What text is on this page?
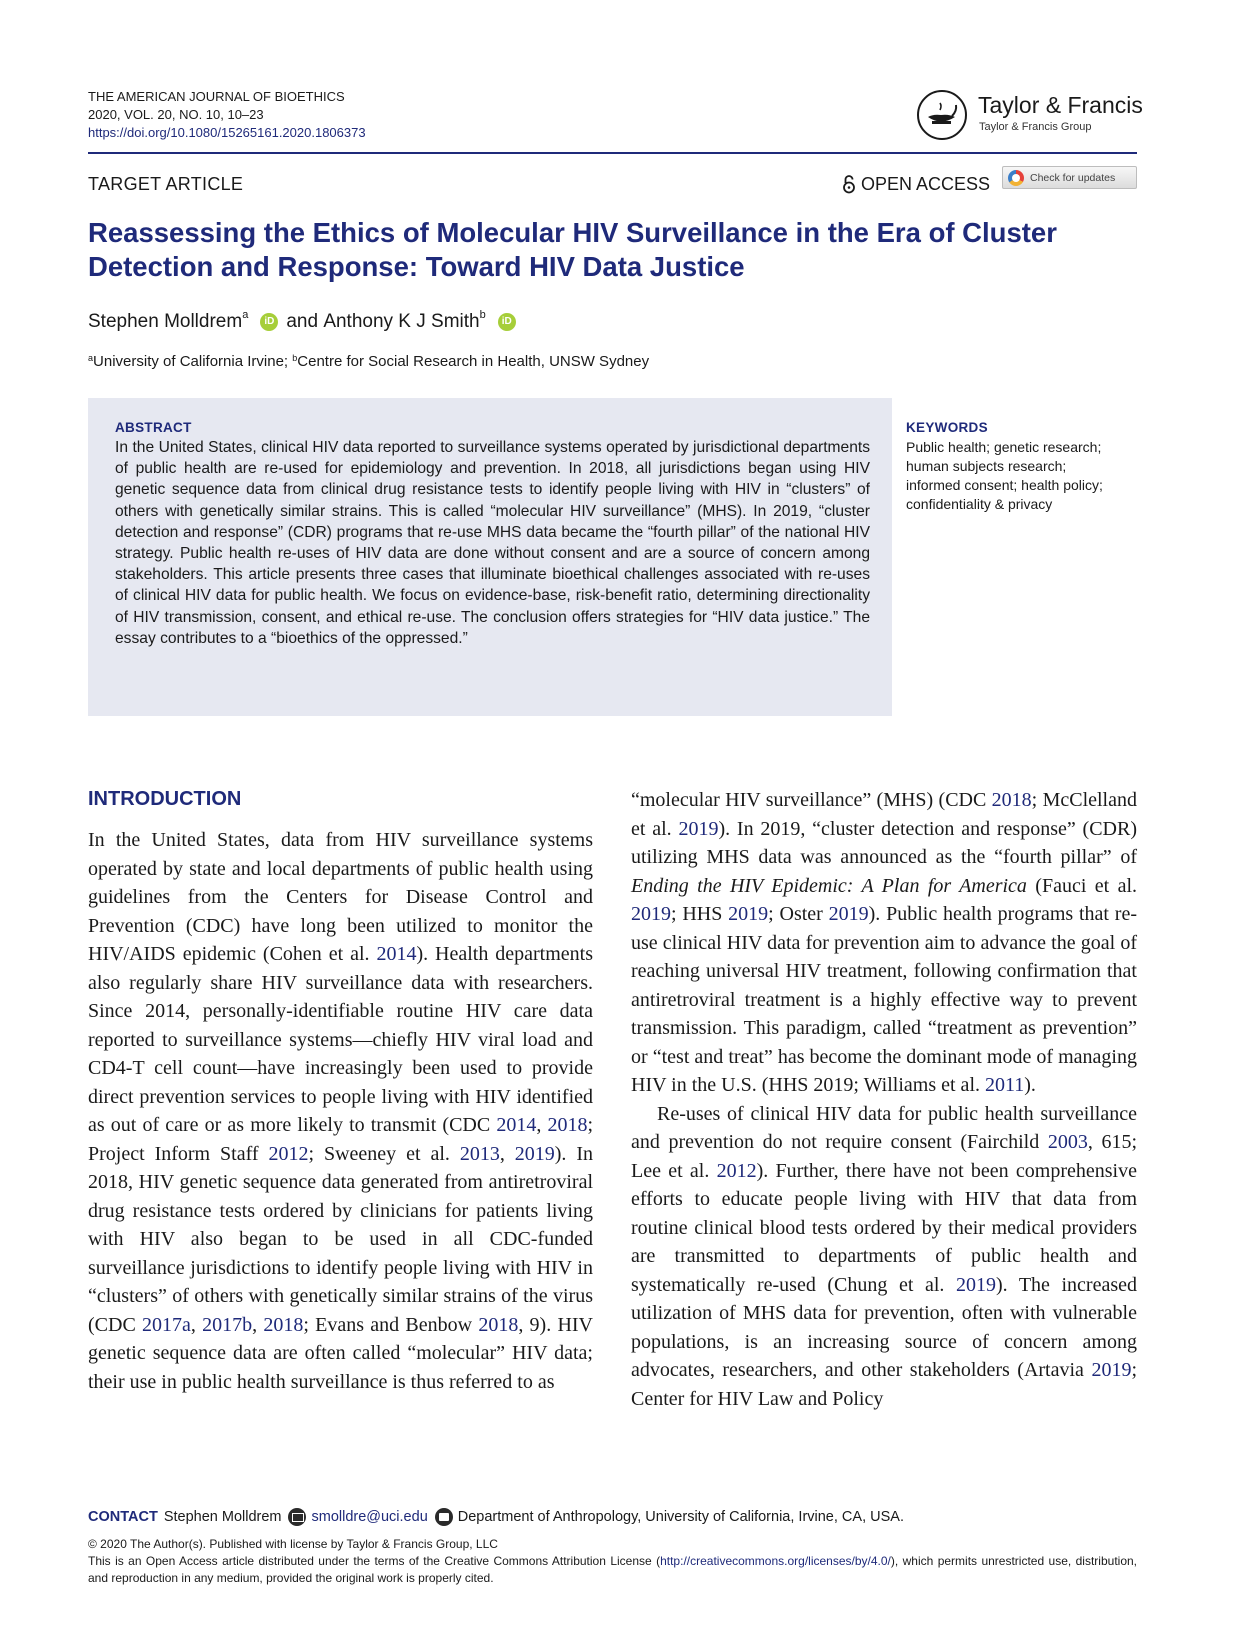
THE AMERICAN JOURNAL OF BIOETHICS
2020, VOL. 20, NO. 10, 10–23
https://doi.org/10.1080/15265161.2020.1806373
Taylor & Francis
Taylor & Francis Group
TARGET ARTICLE	OPEN ACCESS	Check for updates
Reassessing the Ethics of Molecular HIV Surveillance in the Era of Cluster Detection and Response: Toward HIV Data Justice
Stephen Molldrem$^a$
iD and
Anthony K J Smith$^b$
iD
$^a$University of California Irvine; $^b$Centre for Social Research in Health, UNSW Sydney
ABSTRACT
In the United States, clinical HIV data reported to surveillance systems operated by jurisdictional departments of public health are re-used for epidemiology and prevention. In 2018, all jurisdictions began using HIV genetic sequence data from clinical drug resistance tests to identify people living with HIV in “clusters” of others with genetically similar strains. This is called “molecular HIV surveillance” (MHS). In 2019, “cluster detection and response” (CDR) programs that re-use MHS data became the “fourth pillar” of the national HIV strategy. Public health re-uses of HIV data are done without consent and are a source of concern among stakeholders. This article presents three cases that illuminate bioethical challenges associated with re-uses of clinical HIV data for public health. We focus on evidence-base, risk-benefit ratio, determining directionality of HIV transmission, consent, and ethical re-use. The conclusion offers strategies for “HIV data justice.” The essay contributes to a “bioethics of the oppressed.”
KEYWORDS
Public health; genetic research; human subjects research; informed consent; health policy; confidentiality & privacy
INTRODUCTION

In the United States, data from HIV surveillance systems operated by state and local departments of public health using guidelines from the Centers for Disease Control and Prevention (CDC) have long been utilized to monitor the HIV/AIDS epidemic (Cohen et al. 2014). Health departments also regularly share HIV surveillance data with researchers. Since 2014, personally-identifiable routine HIV care data reported to surveillance systems—chiefly HIV viral load and CD4-T cell count—have increasingly been used to provide direct prevention services to people living with HIV identified as out of care or as more likely to transmit (CDC 2014, 2018; Project Inform Staff 2012; Sweeney et al. 2013, 2019). In 2018, HIV genetic sequence data generated from antiretroviral drug resistance tests ordered by clinicians for patients living with HIV also began to be used in all CDC-funded surveillance jurisdictions to identify people living with HIV in “clusters” of others with genetically similar strains of the virus (CDC 2017a, 2017b, 2018; Evans and Benbow 2018, 9). HIV genetic sequence data are often called “molecular” HIV data; their use in public health surveillance is thus referred to as

“molecular HIV surveillance” (MHS) (CDC 2018; McClelland et al. 2019). In 2019, “cluster detection and response” (CDR) utilizing MHS data was announced as the “fourth pillar” of Ending the HIV Epidemic: A Plan for America (Fauci et al. 2019; HHS 2019; Oster 2019). Public health programs that re-use clinical HIV data for prevention aim to advance the goal of reaching universal HIV treatment, following confirmation that antiretroviral treatment is a highly effective way to prevent transmission. This paradigm, called “treatment as prevention” or “test and treat” has become the dominant mode of managing HIV in the U.S. (HHS 2019; Williams et al. 2011).

Re-uses of clinical HIV data for public health surveillance and prevention do not require consent (Fairchild 2003, 615; Lee et al. 2012). Further, there have not been comprehensive efforts to educate people living with HIV that data from routine clinical blood tests ordered by their medical providers are transmitted to departments of public health and systematically re-used (Chung et al. 2019). The increased utilization of MHS data for prevention, often with vulnerable populations, is an increasing source of concern among advocates, researchers, and other stakeholders (Artavia 2019; Center for HIV Law and Policy

CONTACT Stephen Molldrem smolldre@uci.edu Department of Anthropology, University of California, Irvine, CA, USA.
© 2020 The Author(s). Published with license by Taylor & Francis Group, LLC
This is an Open Access article distributed under the terms of the Creative Commons Attribution License (http://creativecommons.org/licenses/by/4.0/), which permits unrestricted use, distribution, and reproduction in any medium, provided the original work is properly cited.
